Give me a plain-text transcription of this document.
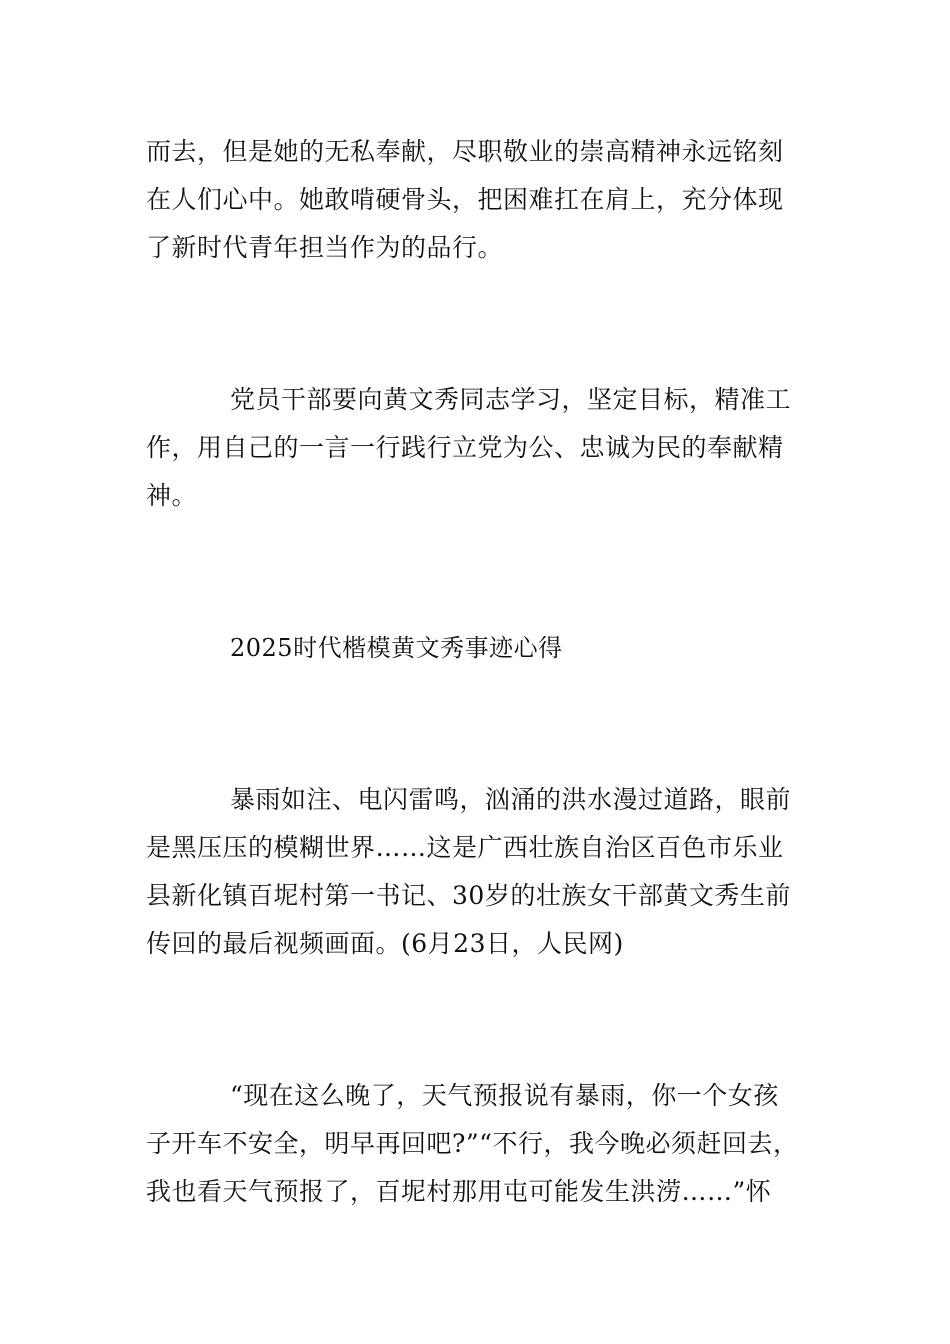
而去，但是她的无私奉献，尽职敬业的崇高精神永远铭刻
在人们心中。她敢啃硬骨头，把困难扛在肩上，充分体现
了新时代青年担当作为的品行。
党员干部要向黄文秀同志学习，坚定目标，精准工
作，用自己的一言一行践行立党为公、忠诚为民的奉献精
神。
2025时代楷模黄文秀事迹心得
暴雨如注、电闪雷鸣，汹涌的洪水漫过道路，眼前
是黑压压的模糊世界……这是广西壮族自治区百色市乐业
县新化镇百坭村第一书记、30岁的壮族女干部黄文秀生前
传回的最后视频画面。(6月23日，人民网)
“现在这么晚了，天气预报说有暴雨，你一个女孩
子开车不安全，明早再回吧?”“不行，我今晚必须赶回去，
我也看天气预报了，百坭村那用屯可能发生洪涝……”怀
